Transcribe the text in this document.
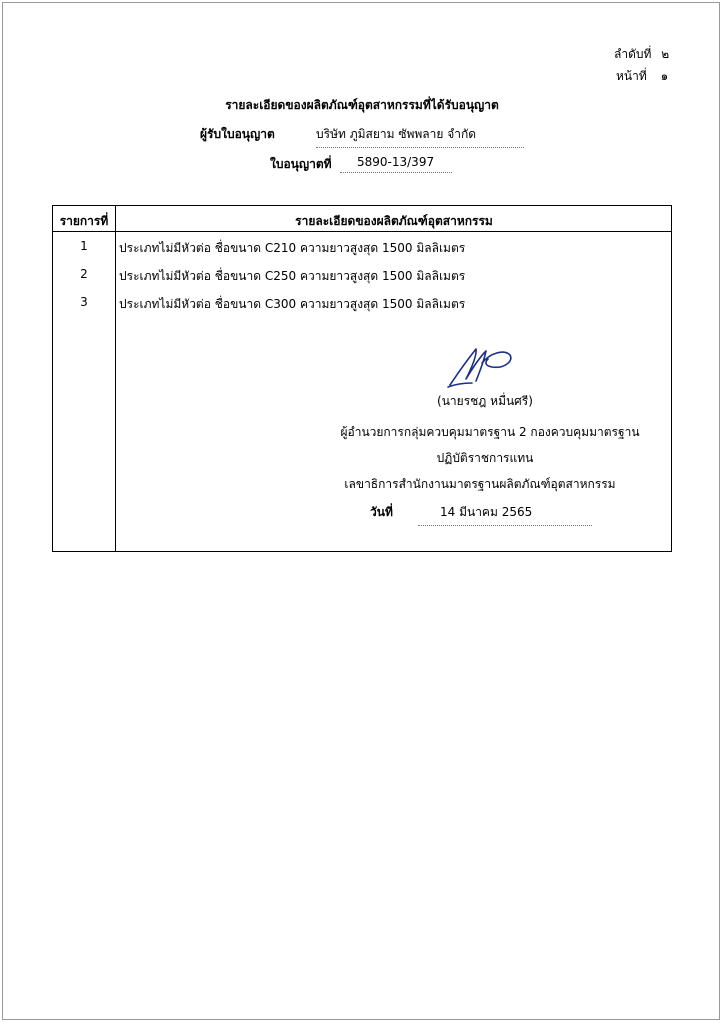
ลำดับที่ ๒
หน้าที่ ๑
รายละเอียดของผลิตภัณฑ์อุตสาหกรรมที่ได้รับอนุญาต
ผู้รับใบอนุญาต	บริษัท ภูมิสยาม ซัพพลาย จำกัด
ใบอนุญาตที่	5890-13/397
รายการที่	รายละเอียดของผลิตภัณฑ์อุตสาหกรรม
1	ประเภทไม่มีหัวต่อ ชื่อขนาด C210 ความยาวสูงสุด 1500 มิลลิเมตร
2	ประเภทไม่มีหัวต่อ ชื่อขนาด C250 ความยาวสูงสุด 1500 มิลลิเมตร
3	ประเภทไม่มีหัวต่อ ชื่อขนาด C300 ความยาวสูงสุด 1500 มิลลิเมตร
(นายรชฎ หมื่นศรี)
ผู้อำนวยการกลุ่มควบคุมมาตรฐาน 2 กองควบคุมมาตรฐาน
ปฏิบัติราชการแทน
เลขาธิการสำนักงานมาตรฐานผลิตภัณฑ์อุตสาหกรรม
วันที่	14 มีนาคม 2565
